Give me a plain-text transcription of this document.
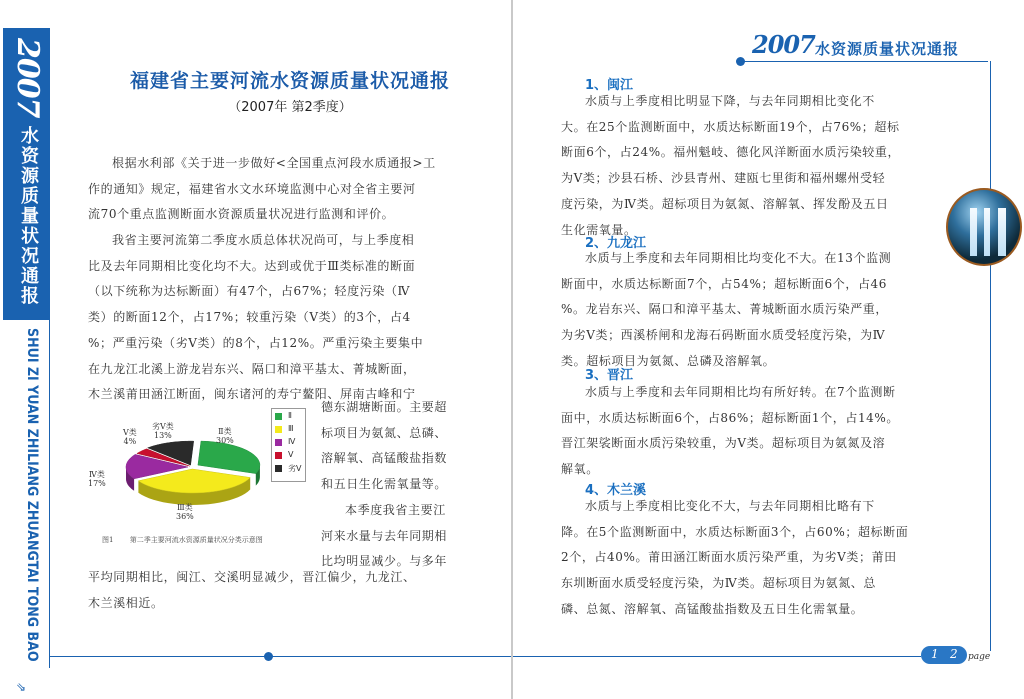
2007
水资源质量状况通报
SHUI ZI YUAN ZHILIANG ZHUANGTAI TONG BAO
⇘
福建省主要河流水资源质量状况通报
（2007年 第2季度）
根据水利部《关于进一步做好<全国重点河段水质通报>工
作的通知》规定，福建省水文水环境监测中心对全省主要河
流70个重点监测断面水资源质量状况进行监测和评价。
我省主要河流第二季度水质总体状况尚可，与上季度相
比及去年同期相比变化均不大。达到或优于Ⅲ类标准的断面
（以下统称为达标断面）有47个，占67%；轻度污染（Ⅳ
类）的断面12个，占17%；较重污染（Ⅴ类）的3个，占4
%；严重污染（劣Ⅴ类）的8个，占12%。严重污染主要集中
在九龙江北溪上游龙岩东兴、隔口和漳平基太、菁城断面，
木兰溪莆田涵江断面，闽东诸河的寿宁鳌阳、屏南古峰和宁
德东湖塘断面。主要超
标项目为氨氮、总磷、
溶解氧、高锰酸盐指数
和五日生化需氧量等。
本季度我省主要江
河来水量与去年同期相
比均明显减少。与多年
平均同期相比，闽江、交溪明显减少，晋江偏少，九龙江、
木兰溪相近。
Ⅱ类
30%
Ⅲ类
36%
Ⅳ类
17%
Ⅴ类
4%
劣Ⅴ类
13%
Ⅱ
Ⅲ
Ⅳ
Ⅴ
劣Ⅴ
图1 第二季主要河流水资源质量状况分类示意图
2007 水资源质量状况通报
1、闽江
水质与上季度相比明显下降，与去年同期相比变化不
大。在25个监测断面中，水质达标断面19个，占76%；超标
断面6个，占24%。福州魁岐、德化风洋断面水质污染较重，
为Ⅴ类；沙县石桥、沙县青州、建瓯七里街和福州螺州受轻
度污染，为Ⅳ类。超标项目为氨氮、溶解氧、挥发酚及五日
生化需氧量。
2、九龙江
水质与上季度和去年同期相比均变化不大。在13个监测
断面中，水质达标断面7个，占54%；超标断面6个，占46
%。龙岩东兴、隔口和漳平基太、菁城断面水质污染严重，
为劣Ⅴ类；西溪桥闸和龙海石码断面水质受轻度污染，为Ⅳ
类。超标项目为氨氮、总磷及溶解氧。
3、晋江
水质与上季度和去年同期相比均有所好转。在7个监测断
面中，水质达标断面6个，占86%；超标断面1个，占14%。
晋江架裟断面水质污染较重，为Ⅴ类。超标项目为氨氮及溶
解氧。
4、木兰溪
水质与上季度相比变化不大，与去年同期相比略有下
降。在5个监测断面中，水质达标断面3个，占60%；超标断面
2个，占40%。莆田涵江断面水质污染严重，为劣Ⅴ类；莆田
东圳断面水质受轻度污染，为Ⅳ类。超标项目为氨氮、总
磷、总氮、溶解氧、高锰酸盐指数及五日生化需氧量。
1 2 page
